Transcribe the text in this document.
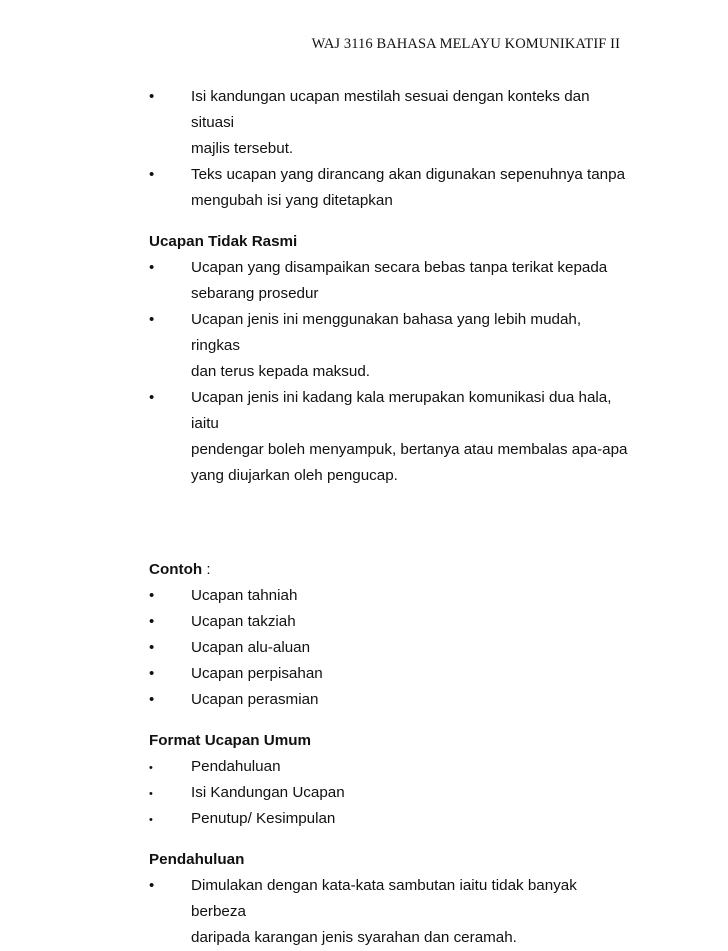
WAJ 3116 BAHASA MELAYU KOMUNIKATIF II
•	Isi kandungan ucapan mestilah sesuai dengan konteks dan situasi
majlis tersebut.
•	Teks ucapan yang dirancang akan digunakan sepenuhnya tanpa
mengubah isi yang ditetapkan
Ucapan Tidak Rasmi
•	Ucapan yang disampaikan secara bebas tanpa terikat kepada
sebarang prosedur
•	Ucapan jenis ini menggunakan bahasa yang lebih mudah, ringkas
dan terus kepada maksud.
•	Ucapan jenis ini kadang kala merupakan komunikasi dua hala, iaitu
pendengar boleh menyampuk, bertanya atau membalas apa-apa
yang diujarkan oleh pengucap.
Contoh :
•	Ucapan tahniah
•	Ucapan takziah
•	Ucapan alu-aluan
•	Ucapan perpisahan
•	Ucapan perasmian
Format Ucapan Umum
•	Pendahuluan
•	Isi Kandungan Ucapan
•	Penutup/ Kesimpulan
Pendahuluan
•	Dimulakan dengan kata-kata sambutan iaitu tidak banyak berbeza
daripada karangan jenis syarahan dan ceramah.
